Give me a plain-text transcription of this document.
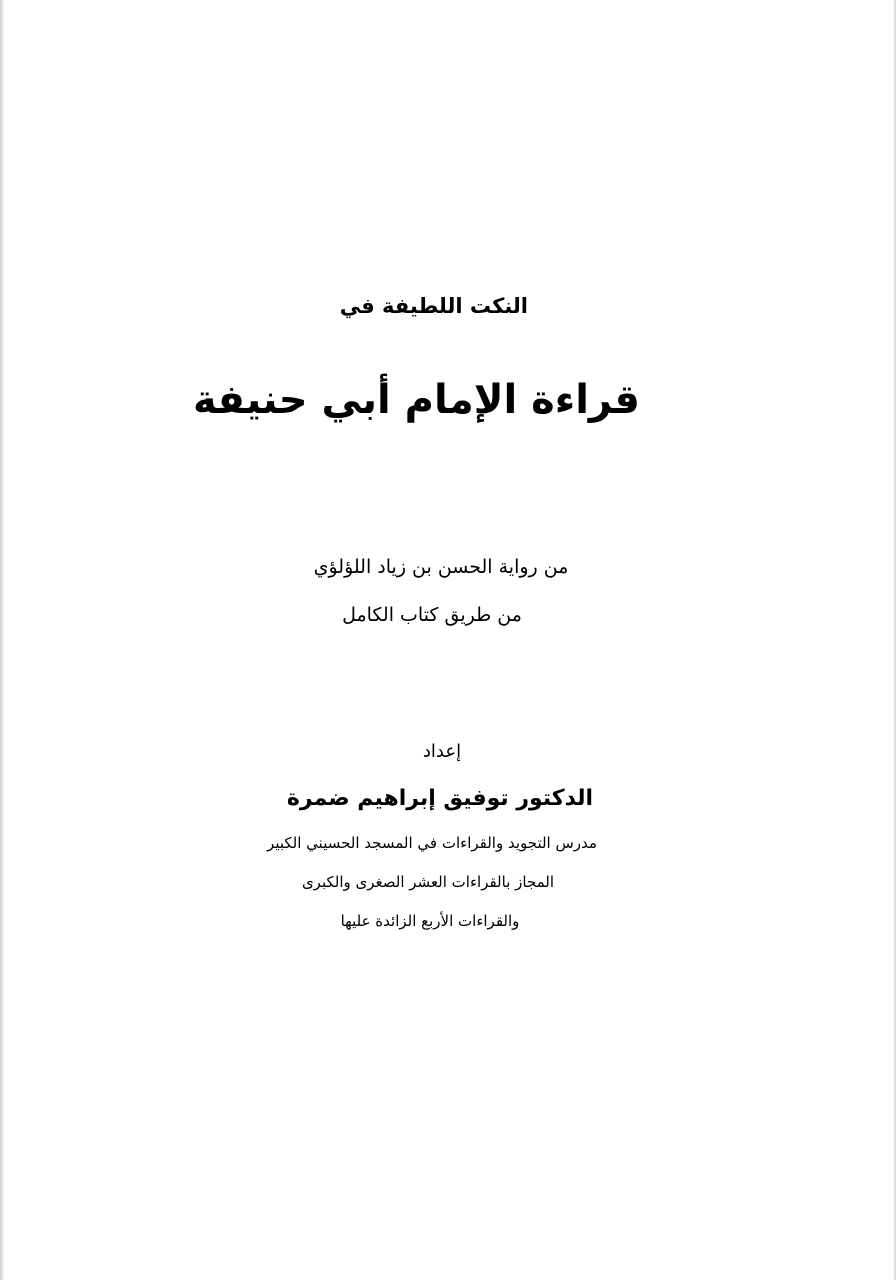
النكت اللطيفة في
قراءة الإمام أبي حنيفة
من رواية الحسن بن زياد اللؤلؤي
من طريق كتاب الكامل
إعداد
الدكتور توفيق إبراهيم ضمرة
مدرس التجويد والقراءات في المسجد الحسيني الكبير
المجاز بالقراءات العشر الصغرى والكبرى
والقراءات الأربع الزائدة عليها
